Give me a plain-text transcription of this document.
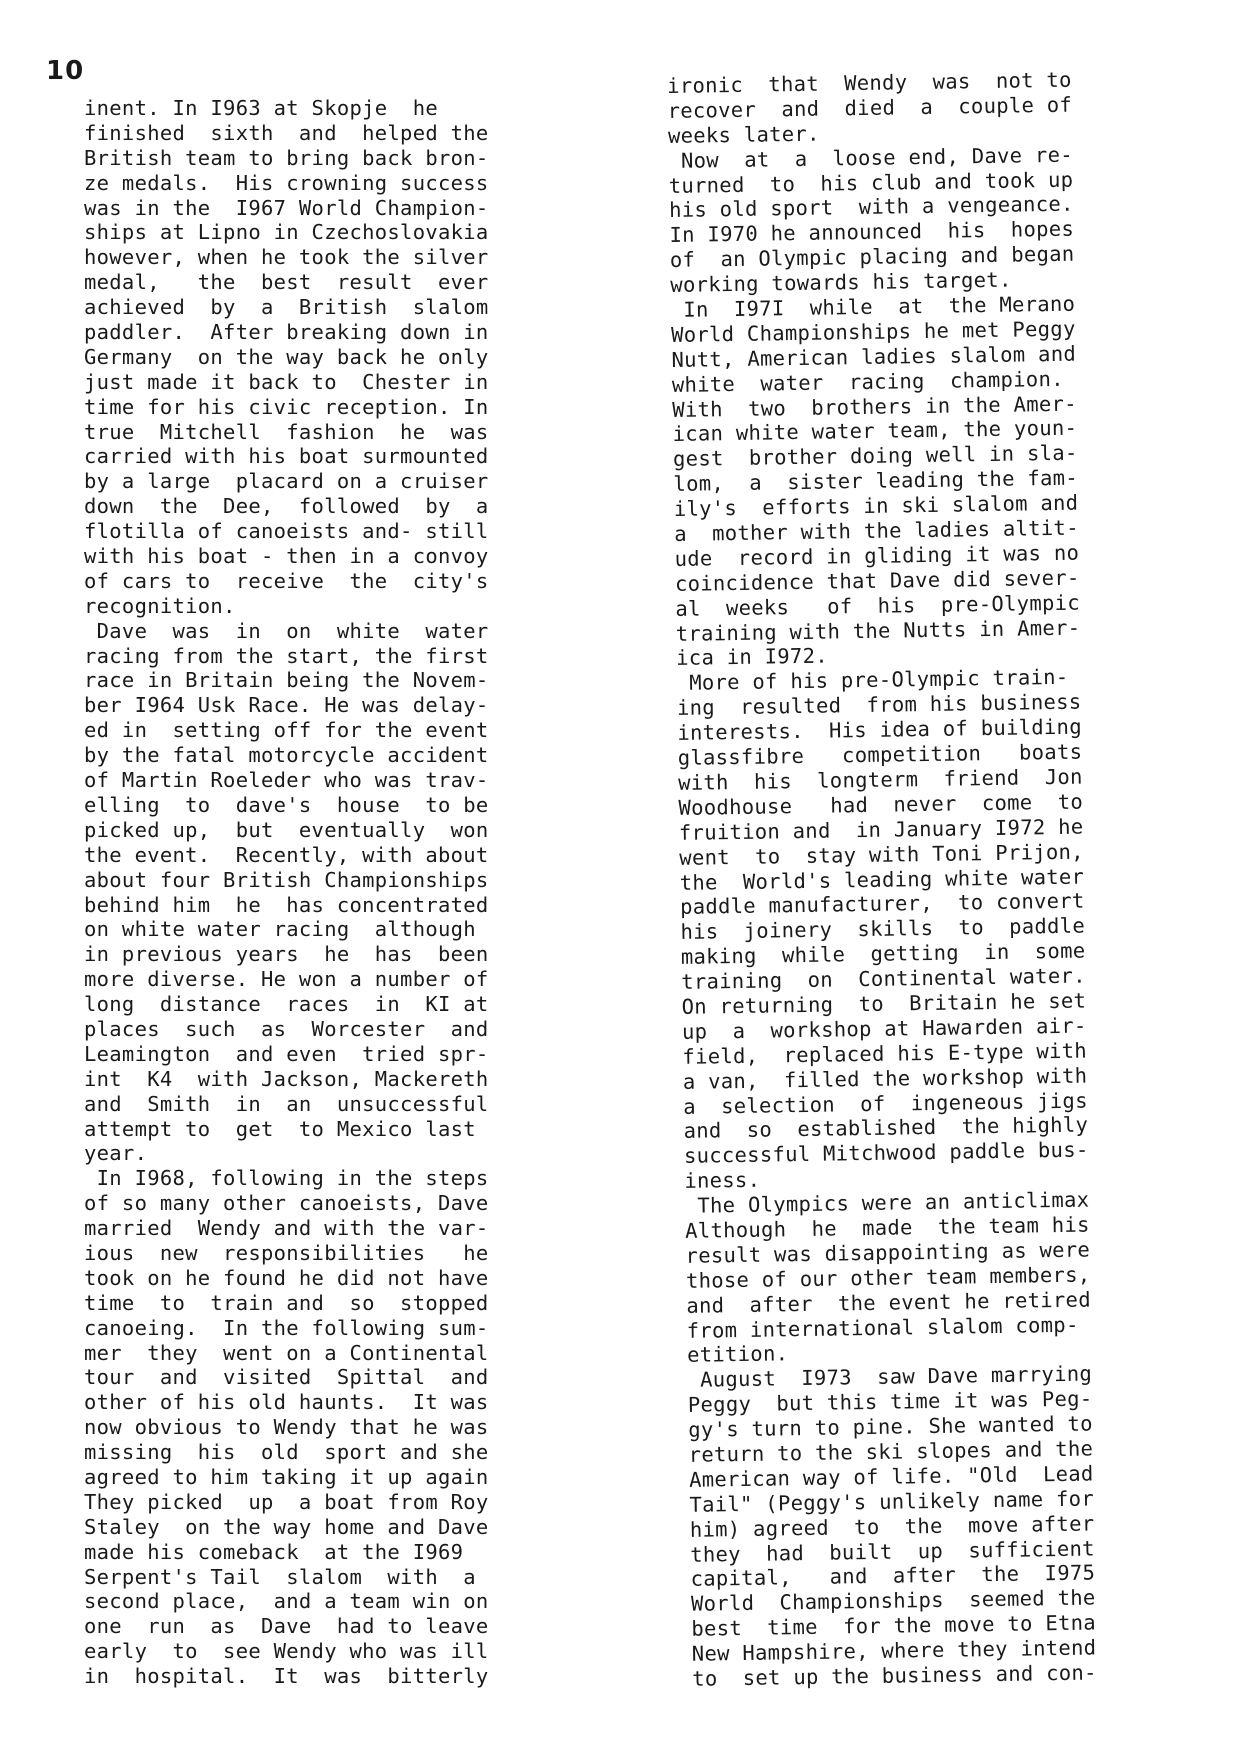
10
inent. In I963 at Skopje  he
finished  sixth  and  helped the
British team to bring back bron-
ze medals.  His crowning success
was in the  I967 World Champion-
ships at Lipno in Czechoslovakia
however, when he took the silver
medal,   the  best  result  ever
achieved  by  a  British  slalom
paddler.  After breaking down in
Germany  on the way back he only
just made it back to  Chester in
time for his civic reception. In
true  Mitchell  fashion  he  was
carried with his boat surmounted
by a large  placard on a cruiser
down  the  Dee,  followed  by  a
flotilla of canoeists and- still
with his boat - then in a convoy
of cars to  receive  the  city's
recognition.
Dave  was  in  on  white  water
racing from the start, the first
race in Britain being the Novem-
ber I964 Usk Race. He was delay-
ed in  setting off for the event
by the fatal motorcycle accident
of Martin Roeleder who was trav-
elling  to  dave's  house  to be
picked up,  but  eventually  won
the event.  Recently, with about
about four British Championships
behind him  he  has concentrated
on white water racing  although
in previous years  he  has  been
more diverse. He won a number of
long  distance  races  in  KI at
places  such  as  Worcester  and
Leamington  and even  tried spr-
int  K4  with Jackson, Mackereth
and  Smith  in  an  unsuccessful
attempt to  get  to Mexico last
year.
In I968, following in the steps
of so many other canoeists, Dave
married  Wendy and with the var-
ious  new  responsibilities   he
took on he found he did not have
time  to  train and  so  stopped
canoeing.  In the following sum-
mer  they  went on a Continental
tour  and  visited  Spittal  and
other of his old haunts.  It was
now obvious to Wendy that he was
missing  his  old  sport and she
agreed to him taking it up again
They picked  up  a boat from Roy
Staley  on the way home and Dave
made his comeback  at the I969
Serpent's Tail  slalom  with  a
second place,  and a team win on
one  run  as  Dave  had to leave
early  to  see Wendy who was ill
in  hospital.  It  was  bitterly
ironic  that  Wendy  was  not to
recover  and  died  a  couple of
weeks later.
Now  at  a  loose end, Dave re-
turned  to  his club and took up
his old sport  with a vengeance.
In I970 he announced  his  hopes
of  an Olympic placing and began
working towards his target.
In  I97I  while  at  the Merano
World Championships he met Peggy
Nutt, American ladies slalom and
white  water  racing  champion.
With  two  brothers in the Amer-
ican white water team, the youn-
gest  brother doing well in sla-
lom,  a  sister leading the fam-
ily's  efforts in ski slalom and
a  mother with the ladies altit-
ude  record in gliding it was no
coincidence that Dave did sever-
al  weeks   of  his  pre-Olympic
training with the Nutts in Amer-
ica in I972.
More of his pre-Olympic train-
ing  resulted  from his business
interests.  His idea of building
glassfibre   competition   boats
with  his  longterm  friend  Jon
Woodhouse   had  never  come  to
fruition and  in January I972 he
went  to  stay with Toni Prijon,
the  World's leading white water
paddle manufacturer,  to convert
his  joinery  skills  to  paddle
making  while  getting  in  some
training  on  Continental water.
On returning  to  Britain he set
up  a  workshop at Hawarden air-
field,  replaced his E-type with
a van,  filled the workshop with
a  selection  of  ingeneous jigs
and  so  established  the highly
successful Mitchwood paddle bus-
iness.
The Olympics were an anticlimax
Although  he  made  the team his
result was disappointing as were
those of our other team members,
and  after  the event he retired
from international slalom comp-
etition.
August  I973  saw Dave marrying
Peggy  but this time it was Peg-
gy's turn to pine. She wanted to
return to the ski slopes and the
American way of life. "Old  Lead
Tail" (Peggy's unlikely name for
him) agreed  to  the  move after
they  had  built  up  sufficient
capital,   and  after  the  I975
World  Championships  seemed the
best  time  for the move to Etna
New Hampshire, where they intend
to  set up the business and con-
